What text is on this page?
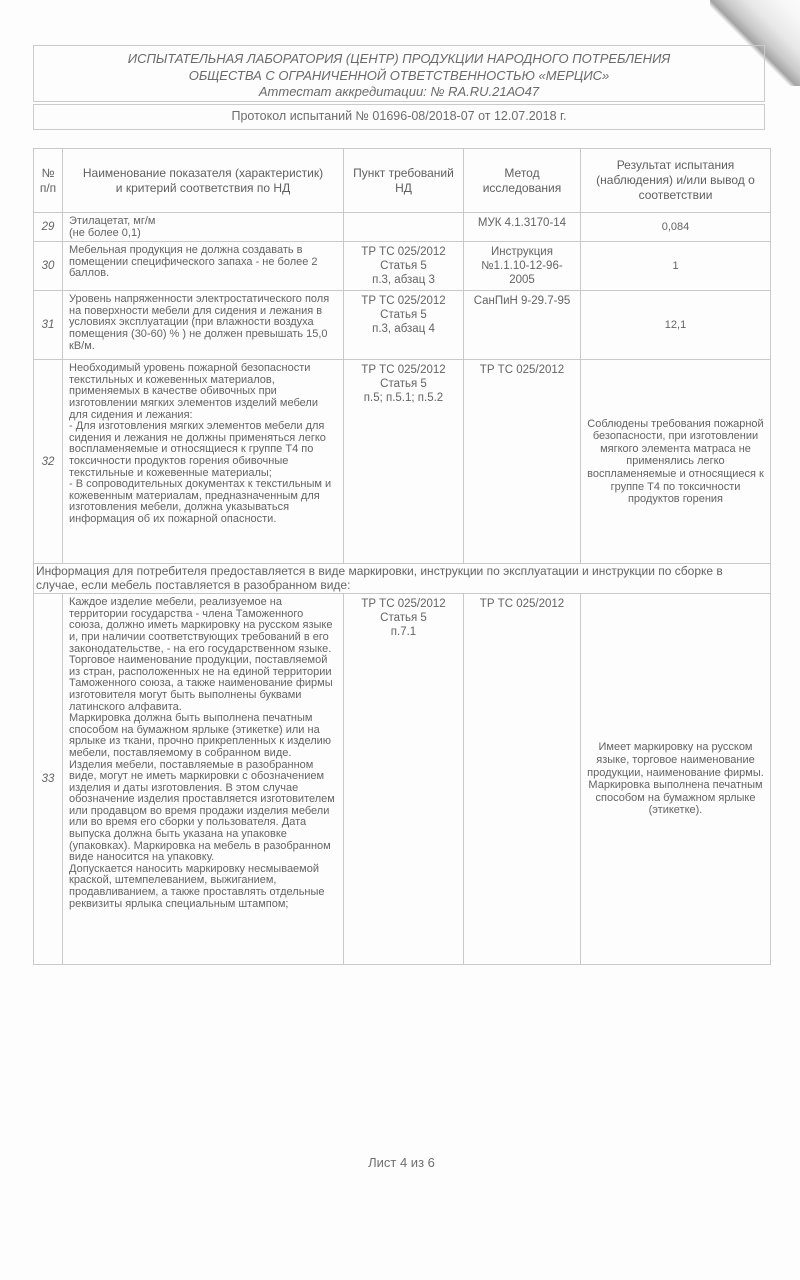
ИСПЫТАТЕЛЬНАЯ ЛАБОРАТОРИЯ (ЦЕНТР) ПРОДУКЦИИ НАРОДНОГО ПОТРЕБЛЕНИЯ
ОБЩЕСТВА С ОГРАНИЧЕННОЙ ОТВЕТСТВЕННОСТЬЮ «МЕРЦИС»
Аттестат аккредитации: № RA.RU.21АО47
Протокол испытаний № 01696-08/2018-07 от 12.07.2018 г.
№
п/п	Наименование показателя (характеристик)
и критерий соответствия по НД	Пункт требований
НД	Метод
исследования	Результат испытания
(наблюдения) и/или вывод о
соответствии
29	Этилацетат, мг/м
(не более 0,1)		МУК 4.1.3170-14	0,084
30	Мебельная продукция не должна создавать в помещении специфического запаха - не более 2 баллов.	ТР ТС 025/2012
Статья 5
п.3, абзац 3	Инструкция
№1.1.10-12-96-
2005	1
31	Уровень напряженности электростатического поля на поверхности мебели для сидения и лежания в условиях эксплуатации (при влажности воздуха помещения (30-60) % ) не должен превышать 15,0 кВ/м.	ТР ТС 025/2012
Статья 5
п.3, абзац 4	СанПиН 9-29.7-95	12,1
32	Необходимый уровень пожарной безопасности текстильных и кожевенных материалов, применяемых в качестве обивочных при изготовлении мягких элементов изделий мебели для сидения и лежания:
- Для изготовления мягких элементов мебели для сидения и лежания не должны применяться легко воспламеняемые и относящиеся к группе Т4 по токсичности продуктов горения обивочные текстильные и кожевенные материалы;
- В сопроводительных документах к текстильным и кожевенным материалам, предназначенным для изготовления мебели, должна указываться информация об их пожарной опасности.	ТР ТС 025/2012
Статья 5
п.5; п.5.1; п.5.2	ТР ТС 025/2012	Соблюдены требования пожарной безопасности, при изготовлении мягкого элемента матраса не применялись легко воспламеняемые и относящиеся к группе Т4 по токсичности продуктов горения
Информация для потребителя предоставляется в виде маркировки, инструкции по эксплуатации и инструкции по сборке в случае, если мебель поставляется в разобранном виде:				
33	Каждое изделие мебели, реализуемое на территории государства - члена Таможенного союза, должно иметь маркировку на русском языке и, при наличии соответствующих требований в его законодательстве, - на его государственном языке. Торговое наименование продукции, поставляемой из стран, расположенных не на единой территории Таможенного союза, а также наименование фирмы изготовителя могут быть выполнены буквами латинского алфавита.
Маркировка должна быть выполнена печатным способом на бумажном ярлыке (этикетке) или на ярлыке из ткани, прочно прикрепленных к изделию мебели, поставляемому в собранном виде.
Изделия мебели, поставляемые в разобранном виде, могут не иметь маркировки с обозначением изделия и даты изготовления. В этом случае обозначение изделия проставляется изготовителем или продавцом во время продажи изделия мебели или во время его сборки у пользователя. Дата выпуска должна быть указана на упаковке (упаковках). Маркировка на мебель в разобранном виде наносится на упаковку.
Допускается наносить маркировку несмываемой краской, штемпелеванием, выжиганием, продавливанием, а также проставлять отдельные реквизиты ярлыка специальным штампом;	ТР ТС 025/2012
Статья 5
п.7.1	ТР ТС 025/2012	Имеет маркировку на русском языке, торговое наименование продукции, наименование фирмы. Маркировка выполнена печатным способом на бумажном ярлыке (этикетке).
Лист 4 из 6
